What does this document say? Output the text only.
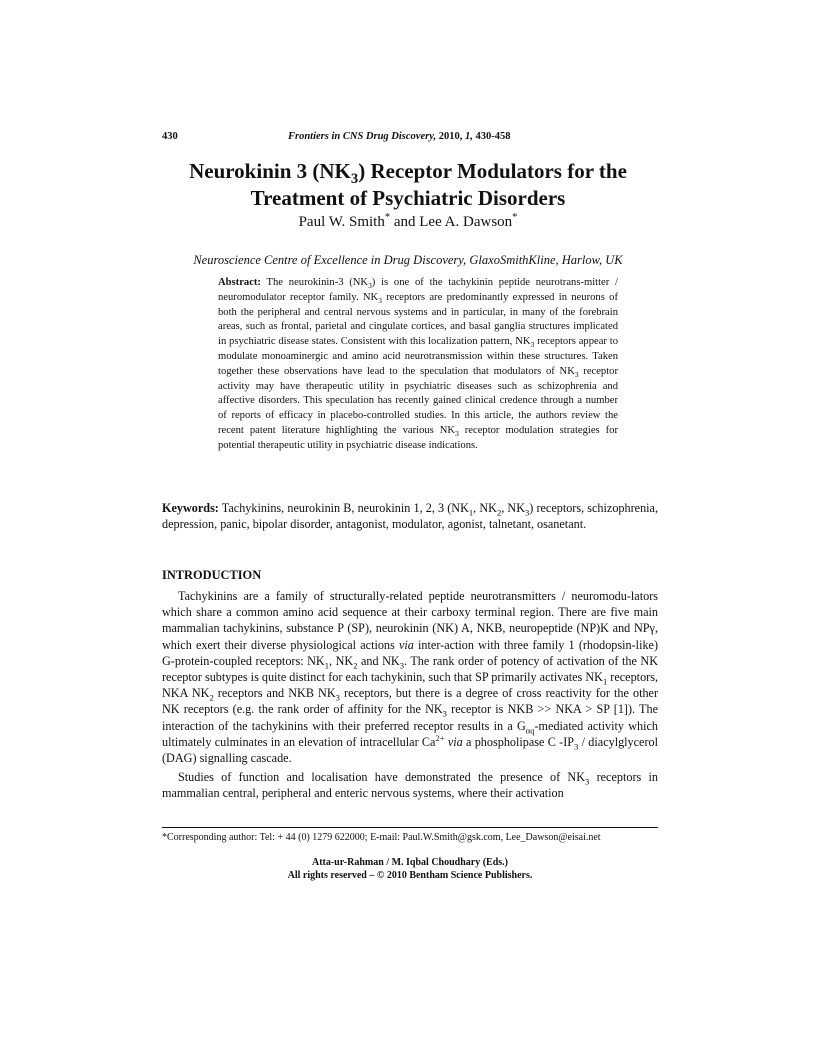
430	Frontiers in CNS Drug Discovery, 2010, 1, 430-458
Neurokinin 3 $(NK_3)$ Receptor Modulators for the
Treatment of Psychiatric Disorders
Paul W. Smith* and Lee A. Dawson*
Neuroscience Centre of Excellence in Drug Discovery, GlaxoSmithKline, Harlow, UK
Abstract: The neurokinin-3 $(NK_3)$ is one of the tachykinin peptide neurotrans-mitter / neuromodulator receptor family. $NK_3$ receptors are predominantly expressed in neurons of both the peripheral and central nervous systems and in particular, in many of the forebrain areas, such as frontal, parietal and cingulate cortices, and basal ganglia structures implicated in psychiatric disease states. Consistent with this localization pattern, $NK_3$ receptors appear to modulate monoaminergic and amino acid neurotransmission within these structures. Taken together these observations have lead to the speculation that modulators of $NK_3$ receptor activity may have therapeutic utility in psychiatric diseases such as schizophrenia and affective disorders. This speculation has recently gained clinical credence through a number of reports of efficacy in placebo-controlled studies. In this article, the authors review the recent patent literature highlighting the various $NK_3$ receptor modulation strategies for potential therapeutic utility in psychiatric disease indications.
Keywords: Tachykinins, neurokinin B, neurokinin 1, 2, 3 ($NK_1$, $NK_2$, $NK_3$) receptors, schizophrenia, depression, panic, bipolar disorder, antagonist, modulator, agonist, talnetant, osanetant.
INTRODUCTION

Tachykinins are a family of structurally-related peptide neurotransmitters / neuromodu-lators which share a common amino acid sequence at their carboxy terminal region. There are five main mammalian tachykinins, substance P (SP), neurokinin (NK) A, NKB, neuropeptide (NP)K and NPγ, which exert their diverse physiological actions via inter-action with three family 1 (rhodopsin-like) G-protein-coupled receptors: $NK_1$, $NK_2$ and $NK_3$. The rank order of potency of activation of the NK receptor subtypes is quite distinct for each tachykinin, such that SP primarily activates $NK_1$ receptors, NKA $NK_2$ receptors and NKB $NK_3$ receptors, but there is a degree of cross reactivity for the other NK receptors (e.g. the rank order of affinity for the $NK_3$ receptor is NKB >> NKA > SP [1]). The interaction of the tachykinins with their preferred receptor results in a $G_{\alpha q}$-mediated activity which ultimately culminates in an elevation of intracellular $Ca^{2+}$ via a phospholipase C $-IP_3$ / diacylglycerol (DAG) signalling cascade.

Studies of function and localisation have demonstrated the presence of $NK_3$ receptors in mammalian central, peripheral and enteric nervous systems, where their activation

*Corresponding author: Tel: + 44 (0) 1279 622000; E-mail: Paul.W.Smith@gsk.com, Lee_Dawson@eisai.net
Atta-ur-Rahman / M. Iqbal Choudhary (Eds.)
All rights reserved – © 2010 Bentham Science Publishers.
